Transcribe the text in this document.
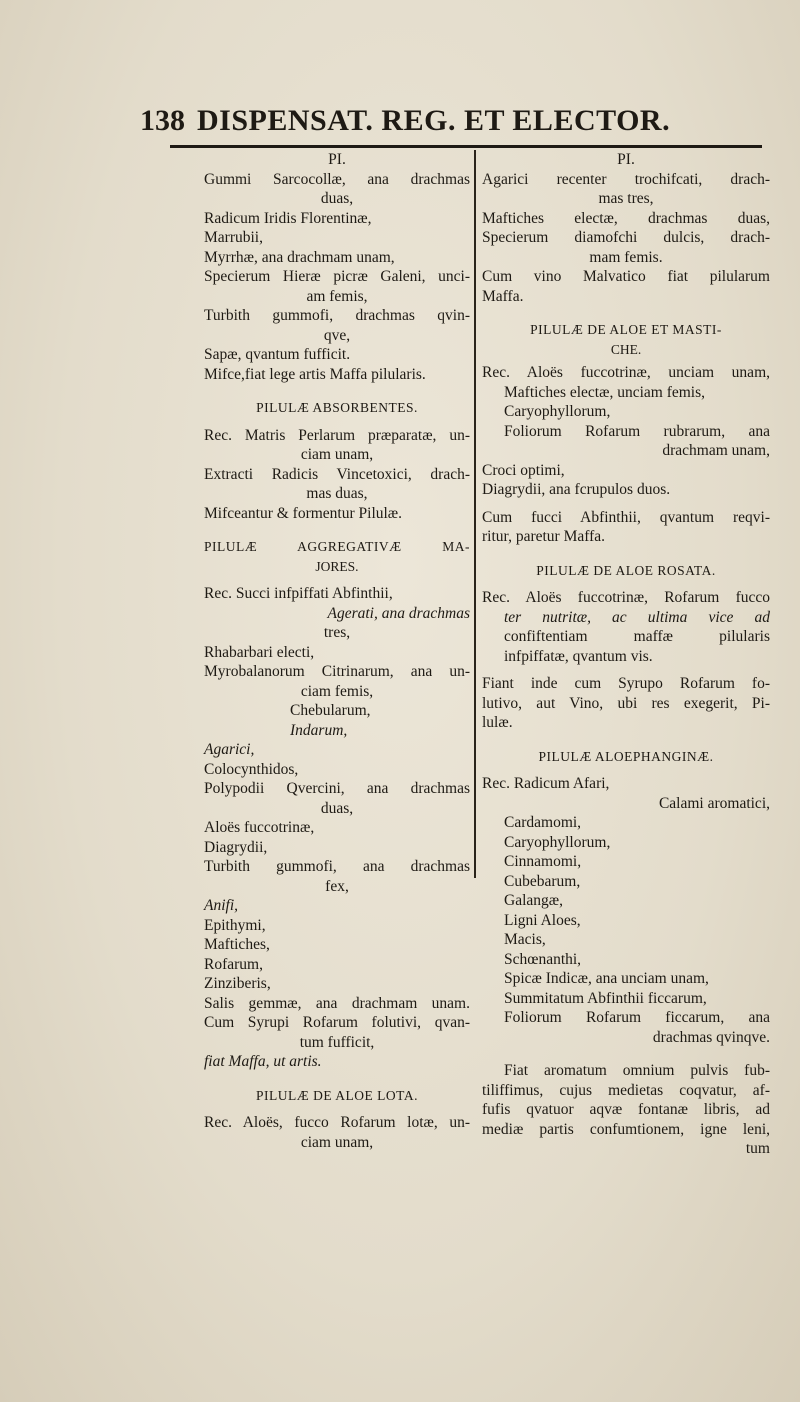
138 DISPENSAT. REG. ET ELECTOR.
PI.
Gummi Sarcocollæ, ana drachmas
duas,
Radicum Iridis Florentinæ,
Marrubii,
Myrrhæ, ana drachmam unam,
Specierum Hieræ picræ Galeni, unci-
am femis,
Turbith gummofi, drachmas qvin-
qve,
Sapæ, qvantum fufficit.
Mifce,fiat lege artis Maffa pilularis.
PILULÆ ABSORBENTES.
Rec. Matris Perlarum præparatæ, un-
ciam unam,
Extracti Radicis Vincetoxici, drach-
mas duas,
Mifceantur & formentur Pilulæ.
PILULÆ AGGREGATIVÆ MA-
JORES.
Rec. Succi infpiffati Abfinthii,
Agerati, ana drachmas
tres,
Rhabarbari electi,
Myrobalanorum Citrinarum, ana un-
ciam femis,
Chebularum,
Indarum,
Agarici,
Colocynthidos,
Polypodii Qvercini, ana drachmas
duas,
Aloës fuccotrinæ,
Diagrydii,
Turbith gummofi, ana drachmas
fex,
Anifi,
Epithymi,
Maftiches,
Rofarum,
Zinziberis,
Salis gemmæ, ana drachmam unam.
Cum Syrupi Rofarum folutivi, qvan-
tum fufficit,
fiat Maffa, ut artis.
PILULÆ DE ALOE LOTA.
Rec. Aloës, fucco Rofarum lotæ, un-
ciam unam,
PI.
Agarici recenter trochifcati, drach-
mas tres,
Maftiches electæ, drachmas duas,
Specierum diamofchi dulcis, drach-
mam femis.
Cum vino Malvatico fiat pilularum
Maffa.
PILULÆ DE ALOE ET MASTI-
CHE.
Rec. Aloës fuccotrinæ, unciam unam,
Maftiches electæ, unciam femis,
Caryophyllorum,
Foliorum Rofarum rubrarum, ana
drachmam unam,
Croci optimi,
Diagrydii, ana fcrupulos duos.
Cum fucci Abfinthii, qvantum reqvi-
ritur, paretur Maffa.
PILULÆ DE ALOE ROSATA.
Rec. Aloës fuccotrinæ, Rofarum fucco
ter nutritæ, ac ultima vice ad
confiftentiam maffæ pilularis
infpiffatæ, qvantum vis.
Fiant inde cum Syrupo Rofarum fo-
lutivo, aut Vino, ubi res exegerit, Pi-
lulæ.
PILULÆ ALOEPHANGINÆ.
Rec. Radicum Afari,
Calami aromatici,
Cardamomi,
Caryophyllorum,
Cinnamomi,
Cubebarum,
Galangæ,
Ligni Aloes,
Macis,
Schœnanthi,
Spicæ Indicæ, ana unciam unam,
Summitatum Abfinthii ficcarum,
Foliorum Rofarum ficcarum, ana
drachmas qvinqve.
Fiat aromatum omnium pulvis fub-
tiliffimus, cujus medietas coqvatur, af-
fufis qvatuor aqvæ fontanæ libris, ad
mediæ partis confumtionem, igne leni,
tum
